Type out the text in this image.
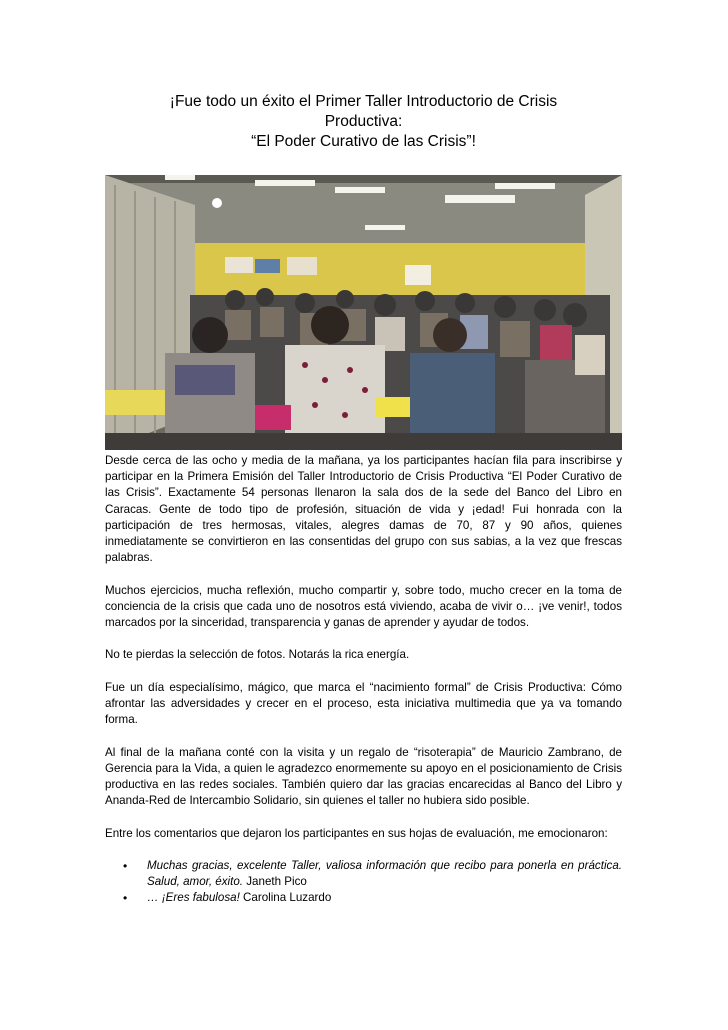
¡Fue todo un éxito el Primer Taller Introductorio de Crisis
Productiva:
“El Poder Curativo de las Crisis”!

Desde cerca de las ocho y media de la mañana, ya los participantes hacían fila para inscribirse y participar en la Primera Emisión del Taller Introductorio de Crisis Productiva “El Poder Curativo de las Crisis”. Exactamente 54 personas llenaron la sala dos de la sede del Banco del Libro en Caracas. Gente de todo tipo de profesión, situación de vida y ¡edad! Fui honrada con la participación de tres hermosas, vitales, alegres damas de 70, 87 y 90 años, quienes inmediatamente se convirtieron en las consentidas del grupo con sus sabias, a la vez que frescas palabras.

Muchos ejercicios, mucha reflexión, mucho compartir y, sobre todo, mucho crecer en la toma de conciencia de la crisis que cada uno de nosotros está viviendo, acaba de vivir o… ¡ve venir!, todos marcados por la sinceridad, transparencia y ganas de aprender y ayudar de todos.

No te pierdas la selección de fotos. Notarás la rica energía.

Fue un día especialísimo, mágico, que marca el “nacimiento formal” de Crisis Productiva: Cómo afrontar las adversidades y crecer en el proceso, esta iniciativa multimedia que ya va tomando forma.

Al final de la mañana conté con la visita y un regalo de “risoterapia” de Mauricio Zambrano, de Gerencia para la Vida, a quien le agradezco enormemente su apoyo en el posicionamiento de Crisis productiva en las redes sociales. También quiero dar las gracias encarecidas al Banco del Libro y Ananda-Red de Intercambio Solidario, sin quienes el taller no hubiera sido posible.

Entre los comentarios que dejaron los participantes en sus hojas de evaluación, me emocionaron:

• Muchas gracias, excelente Taller, valiosa información que recibo para ponerla en práctica. Salud, amor, éxito. Janeth Pico
• … ¡Eres fabulosa! Carolina Luzardo
